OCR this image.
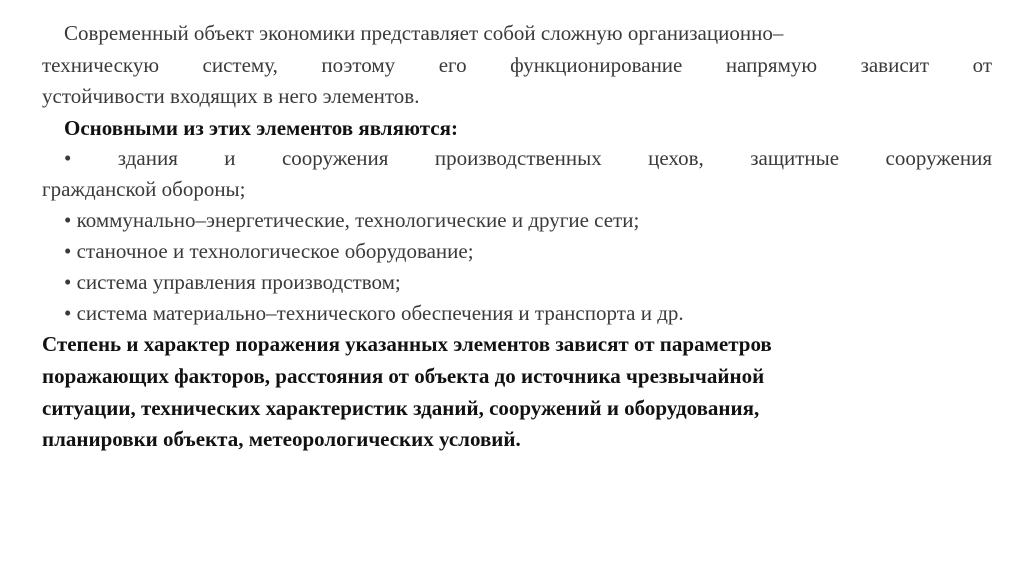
Современный объект экономики представляет собой сложную организационно–
техническую систему, поэтому его функционирование напрямую зависит от
устойчивости входящих в него элементов.
Основными из этих элементов являются:
• здания и сооружения производственных цехов, защитные сооружения
гражданской обороны;
• коммунально–энергетические, технологические и другие сети;
• станочное и технологическое оборудование;
• система управления производством;
• система материально–технического обеспечения и транспорта и др.
Степень и характер поражения указанных элементов зависят от параметров
поражающих факторов, расстояния от объекта до источника чрезвычайной
ситуации, технических характеристик зданий, сооружений и оборудования,
планировки объекта, метеорологических условий.
